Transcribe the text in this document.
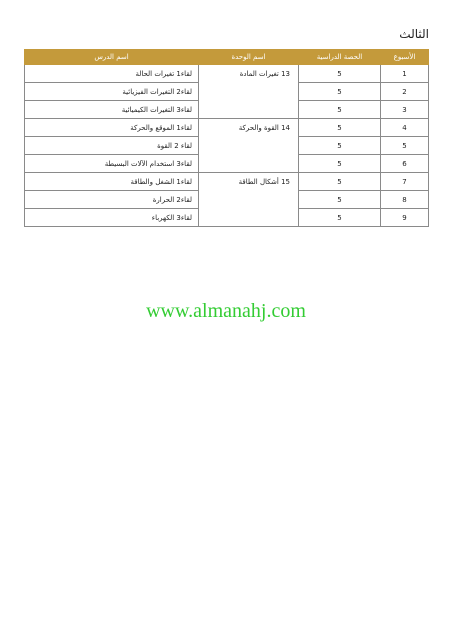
الثالث
الأسبوع	الحصة الدراسية	اسم الوحدة	اسم الدرس
1	5	13 تغيرات المادة	لقاء1 تغيرات الحالة
2	5		لقاء2 التغيرات الفيزيائية
3	5		لقاء3 التغيرات الكيميائية
4	5	14 القوة والحركة	لقاء1 الموقع والحركة
5	5		لقاء 2 القوة
6	5		لقاء3 استخدام الآلات البسيطة
7	5	15 أشكال الطاقة	لقاء1 الشغل والطاقة
8	5		لقاء2 الحرارة
9	5		لقاء3 الكهرباء
www.almanahj.com
